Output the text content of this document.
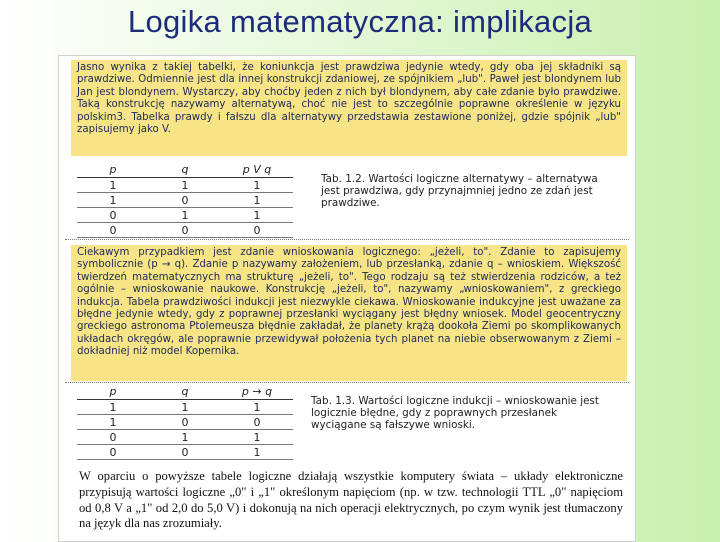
Logika matematyczna: implikacja
Jasno wynika z takiej tabelki, że koniunkcja jest prawdziwa jedynie wtedy, gdy oba jej składniki są prawdziwe. Odmiennie jest dla innej konstrukcji zdaniowej, ze spójnikiem „lub". Paweł jest blondynem lub Jan jest blondynem. Wystarczy, aby choćby jeden z nich był blondynem, aby całe zdanie było prawdziwe. Taką konstrukcję nazywamy alternatywą, choć nie jest to szczególnie poprawne określenie w języku polskim3. Tabelka prawdy i fałszu dla alternatywy przedstawia zestawione poniżej, gdzie spójnik „lub" zapisujemy jako V.
p	q	p V q
1	1	1
1	0	1
0	1	1
0	0	0
Tab. 1.2. Wartości logiczne alternatywy – alternatywa jest prawdziwa, gdy przynajmniej jedno ze zdań jest prawdziwe.
Ciekawym przypadkiem jest zdanie wnioskowania logicznego: „jeżeli, to". Zdanie to zapisujemy symbolicznie (p → q). Zdanie p nazywamy założeniem, lub przesłanką, zdanie q – wnioskiem. Większość twierdzeń matematycznych ma strukturę „jeżeli, to". Tego rodzaju są też stwierdzenia rodziców, a też ogólnie – wnioskowanie naukowe. Konstrukcję „jeżeli, to", nazywamy „wnioskowaniem", z greckiego indukcja. Tabela prawdziwości indukcji jest niezwykle ciekawa. Wnioskowanie indukcyjne jest uważane za błędne jedynie wtedy, gdy z poprawnej przesłanki wyciągany jest błędny wniosek. Model geocentryczny greckiego astronoma Ptolemeusza błędnie zakładał, że planety krążą dookoła Ziemi po skomplikowanych układach okręgów, ale poprawnie przewidywał położenia tych planet na niebie obserwowanym z Ziemi – dokładniej niż model Kopernika.
p	q	p → q
1	1	1
1	0	0
0	1	1
0	0	1
Tab. 1.3. Wartości logiczne indukcji – wnioskowanie jest logicznie błędne, gdy z poprawnych przesłanek wyciągane są fałszywe wnioski.
W oparciu o powyższe tabele logiczne działają wszystkie komputery świata – układy elektroniczne przypisują wartości logiczne „0" i „1" określonym napięciom (np. w tzw. technologii TTL „0" napięciom od 0,8 V a „1" od 2,0 do 5,0 V) i dokonują na nich operacji elektrycznych, po czym wynik jest tłumaczony na język dla nas zrozumiały.
